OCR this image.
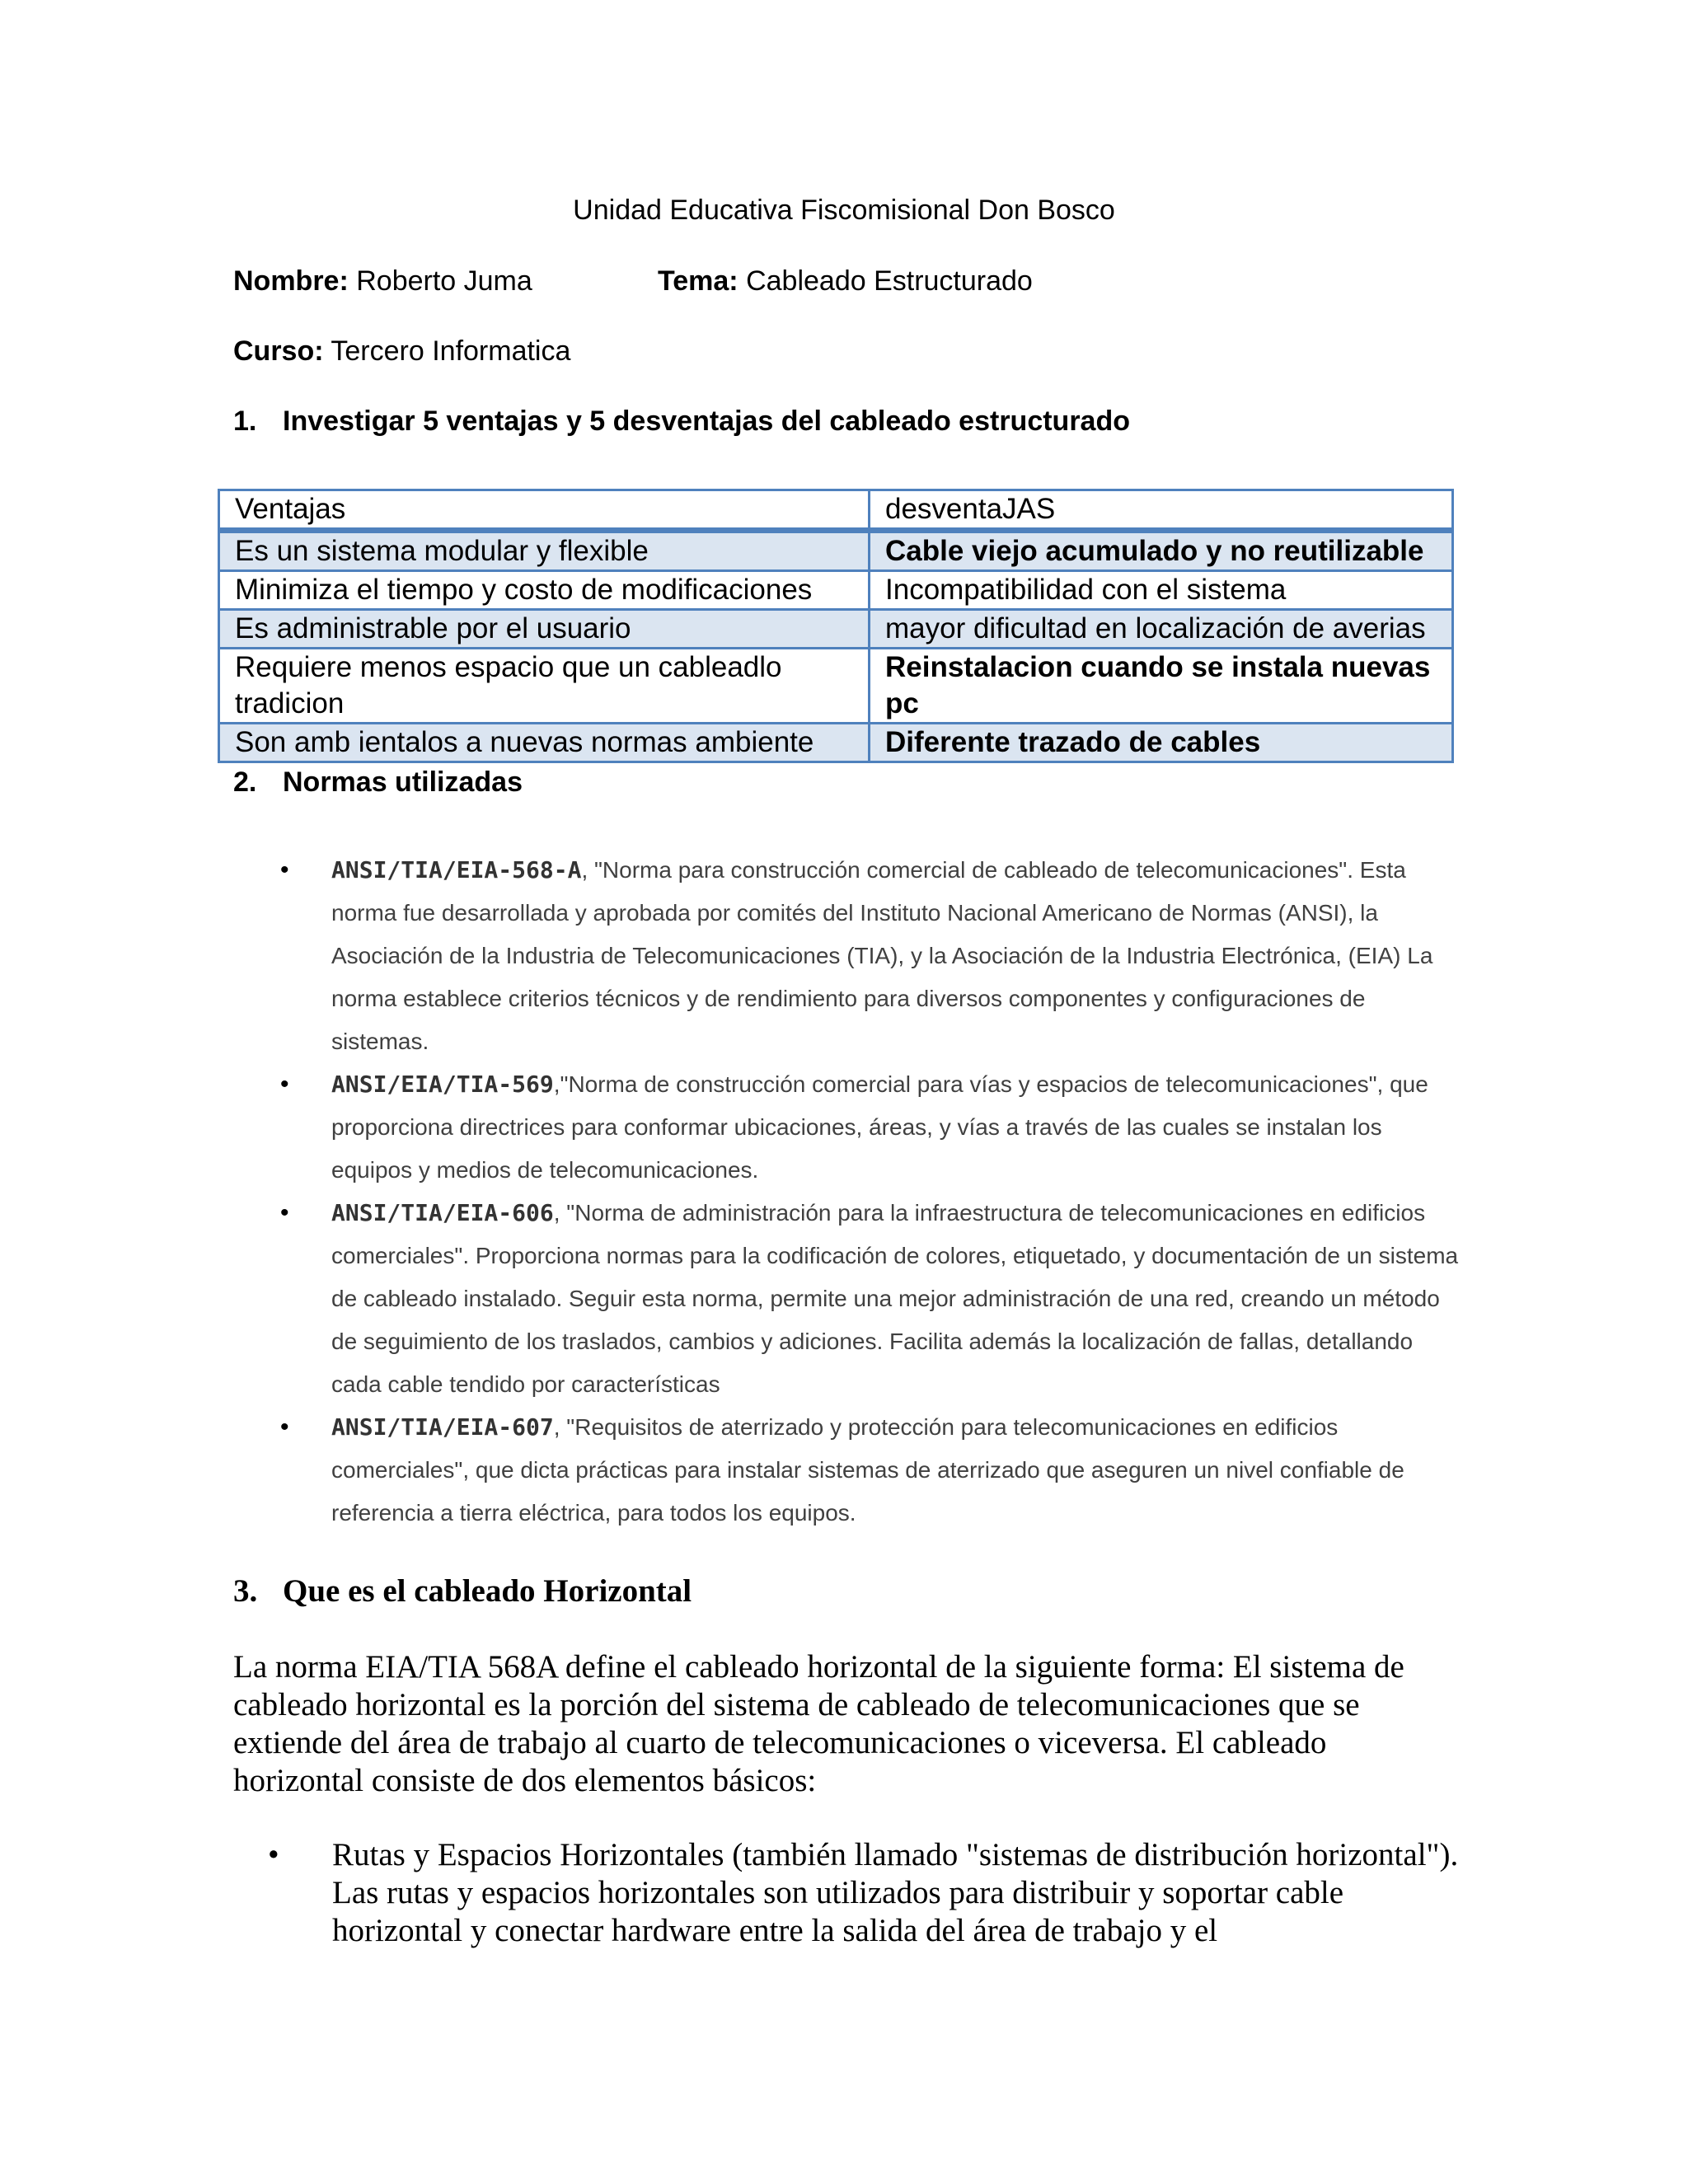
Unidad Educativa Fiscomisional Don Bosco
Nombre: Roberto Juma	Tema: Cableado Estructurado
Curso: Tercero Informatica
1. Investigar 5 ventajas y 5 desventajas del cableado estructurado
Ventajas	desventaJAS
Es un sistema modular y flexible	Cable viejo acumulado y no reutilizable
Minimiza el tiempo y costo de modificaciones	Incompatibilidad con el sistema
Es administrable por el usuario	mayor dificultad en localización de averias
Requiere menos espacio que un cableadlo tradicion	Reinstalacion cuando se instala nuevas pc
Son amb ientalos a nuevas normas ambiente	Diferente trazado de cables
2. Normas utilizadas
• ANSI/TIA/EIA-568-A, "Norma para construcción comercial de cableado de telecomunicaciones". Esta norma fue desarrollada y aprobada por comités del Instituto Nacional Americano de Normas (ANSI), la Asociación de la Industria de Telecomunicaciones (TIA), y la Asociación de la Industria Electrónica, (EIA) La norma establece criterios técnicos y de rendimiento para diversos componentes y configuraciones de sistemas.
• ANSI/EIA/TIA-569,"Norma de construcción comercial para vías y espacios de telecomunicaciones", que proporciona directrices para conformar ubicaciones, áreas, y vías a través de las cuales se instalan los equipos y medios de telecomunicaciones.
• ANSI/TIA/EIA-606, "Norma de administración para la infraestructura de telecomunicaciones en edificios comerciales". Proporciona normas para la codificación de colores, etiquetado, y documentación de un sistema de cableado instalado. Seguir esta norma, permite una mejor administración de una red, creando un método de seguimiento de los traslados, cambios y adiciones. Facilita además la localización de fallas, detallando cada cable tendido por características
• ANSI/TIA/EIA-607, "Requisitos de aterrizado y protección para telecomunicaciones en edificios comerciales", que dicta prácticas para instalar sistemas de aterrizado que aseguren un nivel confiable de referencia a tierra eléctrica, para todos los equipos.
3. Que es el cableado Horizontal
La norma EIA/TIA 568A define el cableado horizontal de la siguiente forma: El sistema de cableado horizontal es la porción del sistema de cableado de telecomunicaciones que se extiende del área de trabajo al cuarto de telecomunicaciones o viceversa. El cableado horizontal consiste de dos elementos básicos:
• Rutas y Espacios Horizontales (también llamado "sistemas de distribución horizontal"). Las rutas y espacios horizontales son utilizados para distribuir y soportar cable horizontal y conectar hardware entre la salida del área de trabajo y el
